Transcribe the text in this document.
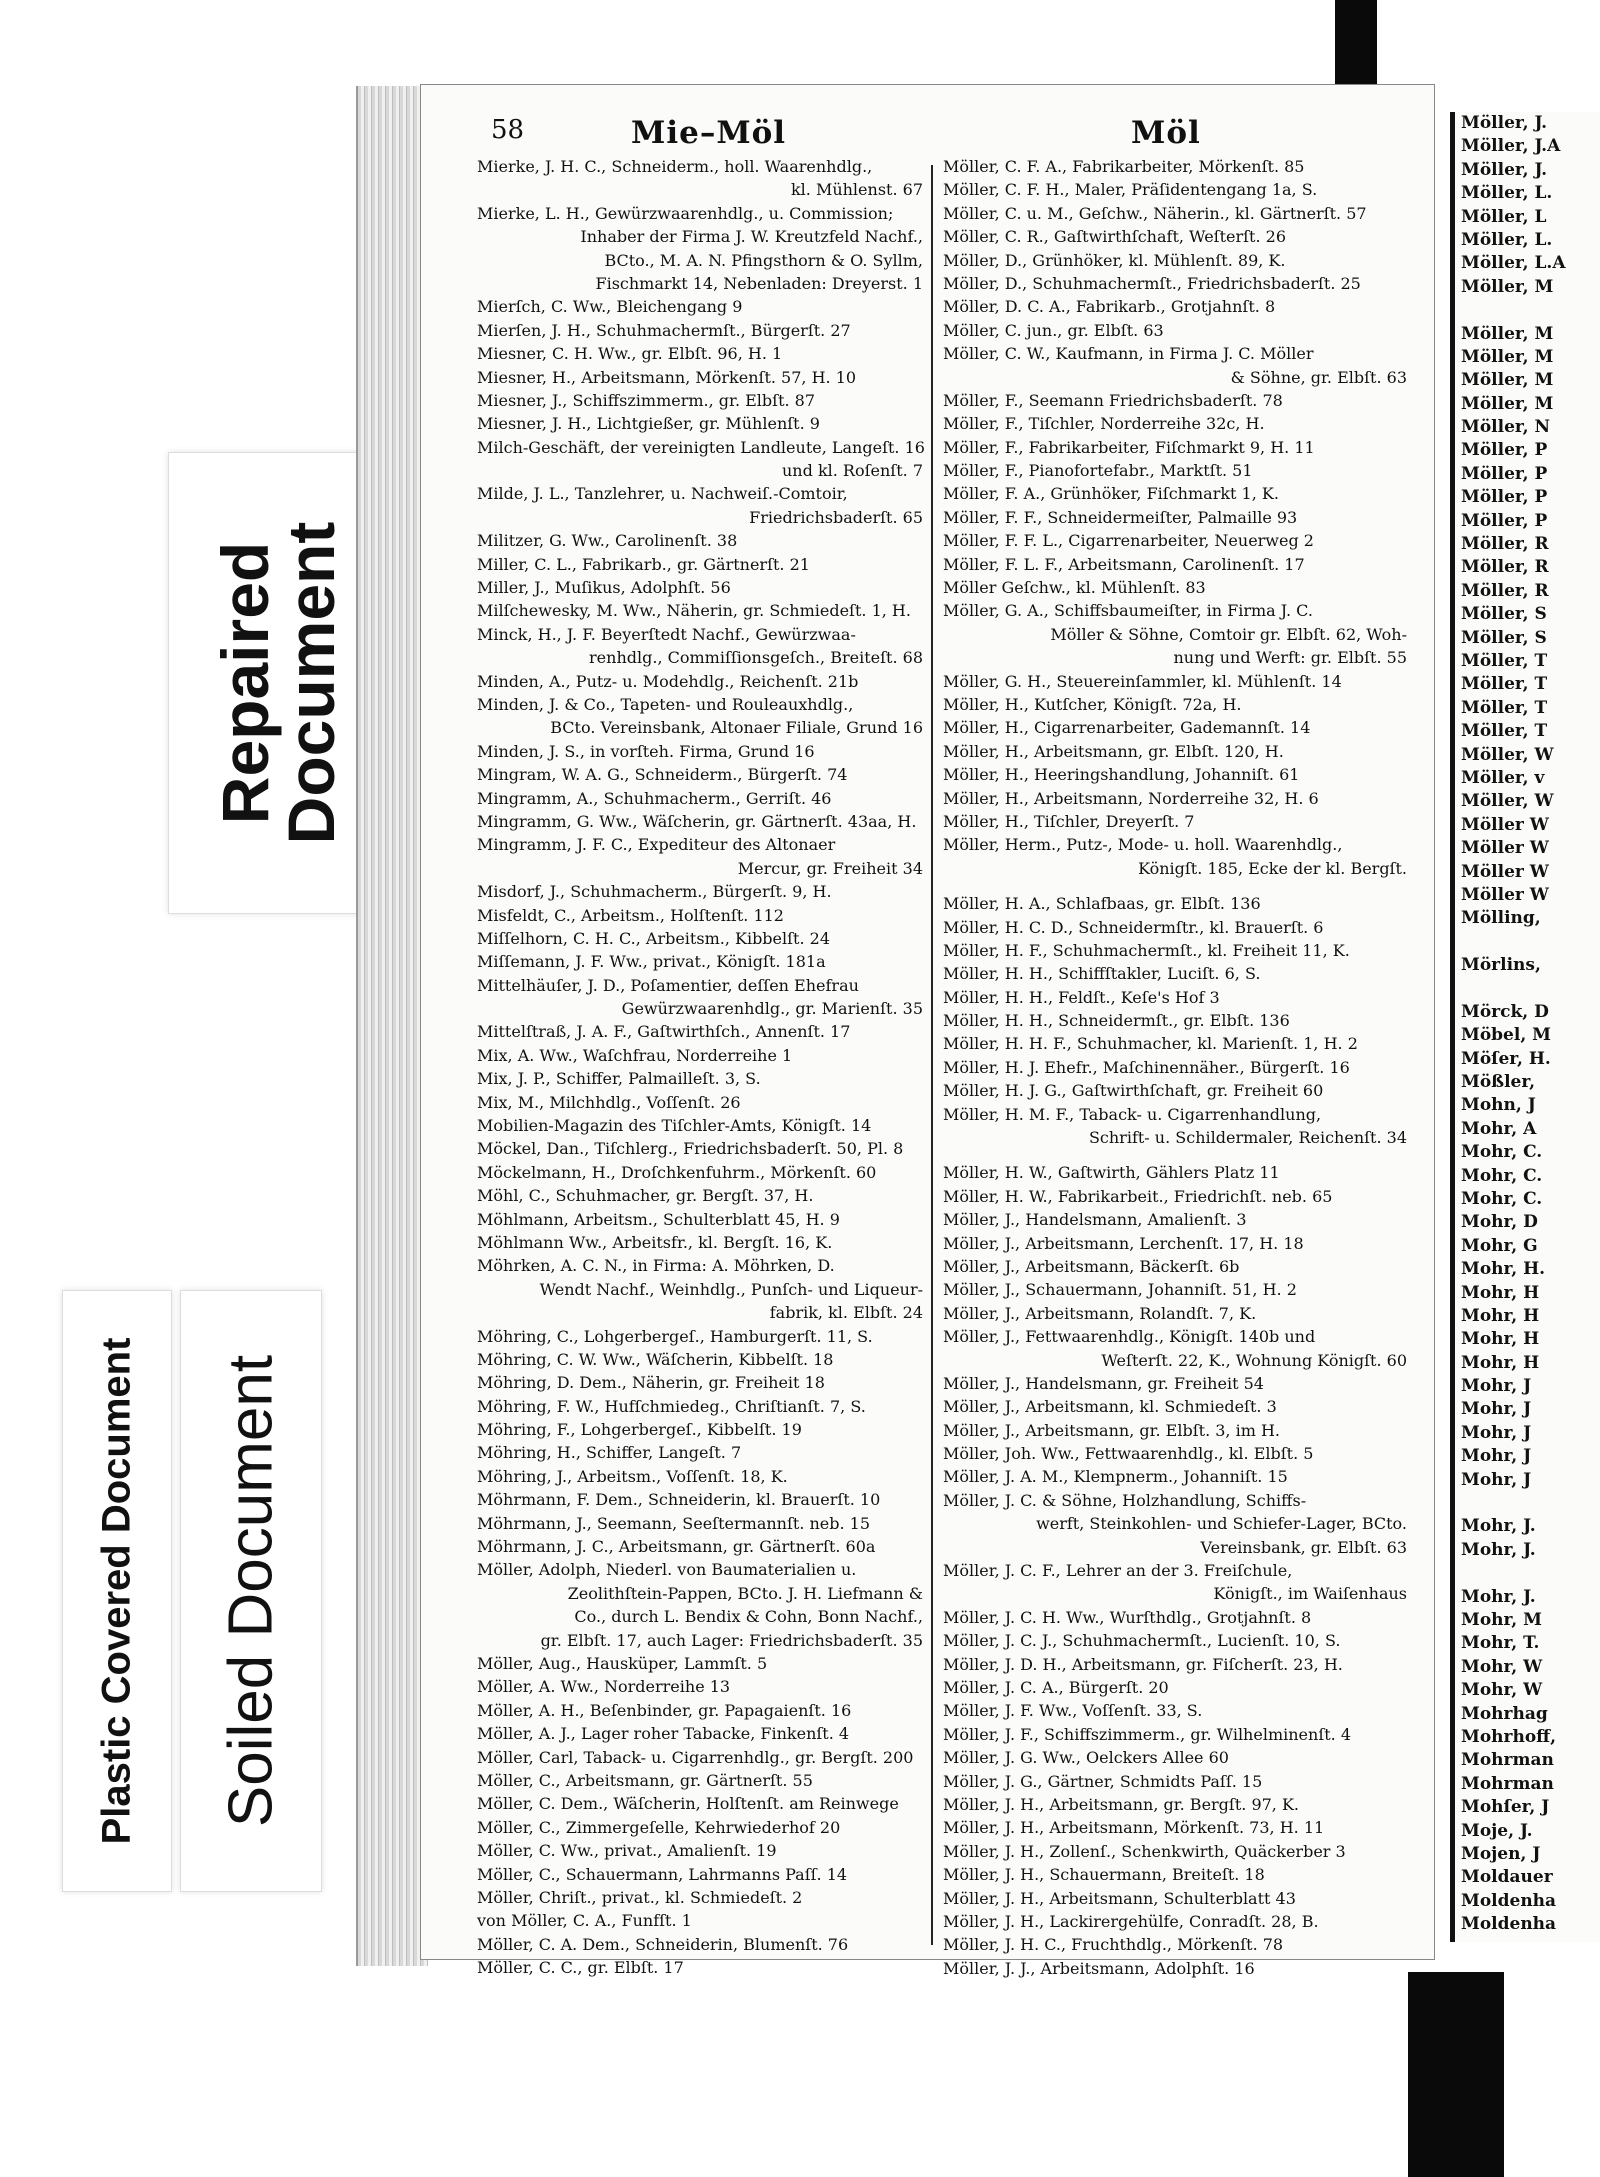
Repaired Document
Plastic Covered Document Soiled Document
58	Mie–Möl	Möl
Mierke, J. H. C., Schneiderm., holl. Waarenhdlg.,
kl. Mühlenst. 67
Mierke, L. H., Gewürzwaarenhdlg., u. Commission;
Inhaber der Firma J. W. Kreutzfeld Nachf.,
BCto., M. A. N. Pfingsthorn & O. Syllm,
Fischmarkt 14, Nebenladen: Dreyerst. 1
Mierſch, C. Ww., Bleichengang 9
Mierſen, J. H., Schuhmachermſt., Bürgerſt. 27
Miesner, C. H. Ww., gr. Elbſt. 96, H. 1
Miesner, H., Arbeitsmann, Mörkenſt. 57, H. 10
Miesner, J., Schiffszimmerm., gr. Elbſt. 87
Miesner, J. H., Lichtgießer, gr. Mühlenſt. 9
Milch-Geschäft, der vereinigten Landleute, Langeſt. 16
und kl. Roſenſt. 7
Milde, J. L., Tanzlehrer, u. Nachweiſ.-Comtoir,
Friedrichsbaderſt. 65
Militzer, G. Ww., Carolinenſt. 38
Miller, C. L., Fabrikarb., gr. Gärtnerſt. 21
Miller, J., Muſikus, Adolphſt. 56
Milſchewesky, M. Ww., Näherin, gr. Schmiedeſt. 1, H.
Minck, H., J. F. Beyerſtedt Nachf., Gewürzwaa-
renhdlg., Commiſſionsgeſch., Breiteſt. 68
Minden, A., Putz- u. Modehdlg., Reichenſt. 21b
Minden, J. & Co., Tapeten- und Rouleauxhdlg.,
BCto. Vereinsbank, Altonaer Filiale, Grund 16
Minden, J. S., in vorſteh. Firma, Grund 16
Mingram, W. A. G., Schneiderm., Bürgerſt. 74
Mingramm, A., Schuhmacherm., Gerriſt. 46
Mingramm, G. Ww., Wäſcherin, gr. Gärtnerſt. 43aa, H.
Mingramm, J. F. C., Expediteur des Altonaer
Mercur, gr. Freiheit 34
Misdorf, J., Schuhmacherm., Bürgerſt. 9, H.
Misfeldt, C., Arbeitsm., Holſtenſt. 112
Miſſelhorn, C. H. C., Arbeitsm., Kibbelſt. 24
Miſſemann, J. F. Ww., privat., Königſt. 181a
Mittelhäuſer, J. D., Poſamentier, deſſen Ehefrau
Gewürzwaarenhdlg., gr. Marienſt. 35
Mittelſtraß, J. A. F., Gaſtwirthſch., Annenſt. 17
Mix, A. Ww., Waſchfrau, Norderreihe 1
Mix, J. P., Schiffer, Palmailleſt. 3, S.
Mix, M., Milchhdlg., Voſſenſt. 26
Mobilien-Magazin des Tiſchler-Amts, Königſt. 14
Möckel, Dan., Tiſchlerg., Friedrichsbaderſt. 50, Pl. 8
Möckelmann, H., Droſchkenfuhrm., Mörkenſt. 60
Möhl, C., Schuhmacher, gr. Bergſt. 37, H.
Möhlmann, Arbeitsm., Schulterblatt 45, H. 9
Möhlmann Ww., Arbeitsfr., kl. Bergſt. 16, K.
Möhrken, A. C. N., in Firma: A. Möhrken, D.
Wendt Nachf., Weinhdlg., Punſch- und Liqueur-
fabrik, kl. Elbſt. 24
Möhring, C., Lohgerbergeſ., Hamburgerſt. 11, S.
Möhring, C. W. Ww., Wäſcherin, Kibbelſt. 18
Möhring, D. Dem., Näherin, gr. Freiheit 18
Möhring, F. W., Hufſchmiedeg., Chriſtianſt. 7, S.
Möhring, F., Lohgerbergeſ., Kibbelſt. 19
Möhring, H., Schiffer, Langeſt. 7
Möhring, J., Arbeitsm., Voſſenſt. 18, K.
Möhrmann, F. Dem., Schneiderin, kl. Brauerſt. 10
Möhrmann, J., Seemann, Seeſtermannſt. neb. 15
Möhrmann, J. C., Arbeitsmann, gr. Gärtnerſt. 60a
Möller, Adolph, Niederl. von Baumaterialien u.
Zeolithſtein-Pappen, BCto. J. H. Liefmann &
Co., durch L. Bendix & Cohn, Bonn Nachf.,
gr. Elbſt. 17, auch Lager: Friedrichsbaderſt. 35
Möller, Aug., Hausküper, Lammſt. 5
Möller, A. Ww., Norderreihe 13
Möller, A. H., Beſenbinder, gr. Papagaienſt. 16
Möller, A. J., Lager roher Tabacke, Finkenſt. 4
Möller, Carl, Taback- u. Cigarrenhdlg., gr. Bergſt. 200
Möller, C., Arbeitsmann, gr. Gärtnerſt. 55
Möller, C. Dem., Wäſcherin, Holſtenſt. am Reinwege
Möller, C., Zimmergeſelle, Kehrwiederhof 20
Möller, C. Ww., privat., Amalienſt. 19
Möller, C., Schauermann, Lahrmanns Paſſ. 14
Möller, Chriſt., privat., kl. Schmiedeſt. 2
von Möller, C. A., Funfſt. 1
Möller, C. A. Dem., Schneiderin, Blumenſt. 76
Möller, C. C., gr. Elbſt. 17
Möller, C. F. A., Fabrikarbeiter, Mörkenſt. 85
Möller, C. F. H., Maler, Präſidentengang 1a, S.
Möller, C. u. M., Geſchw., Näherin., kl. Gärtnerſt. 57
Möller, C. R., Gaſtwirthſchaft, Weſterſt. 26
Möller, D., Grünhöker, kl. Mühlenſt. 89, K.
Möller, D., Schuhmachermſt., Friedrichsbaderſt. 25
Möller, D. C. A., Fabrikarb., Grotjahnſt. 8
Möller, C. jun., gr. Elbſt. 63
Möller, C. W., Kaufmann, in Firma J. C. Möller
& Söhne, gr. Elbſt. 63
Möller, F., Seemann Friedrichsbaderſt. 78
Möller, F., Tiſchler, Norderreihe 32c, H.
Möller, F., Fabrikarbeiter, Fiſchmarkt 9, H. 11
Möller, F., Pianofortefabr., Marktſt. 51
Möller, F. A., Grünhöker, Fiſchmarkt 1, K.
Möller, F. F., Schneidermeiſter, Palmaille 93
Möller, F. F. L., Cigarrenarbeiter, Neuerweg 2
Möller, F. L. F., Arbeitsmann, Carolinenſt. 17
Möller Geſchw., kl. Mühlenſt. 83
Möller, G. A., Schiffsbaumeiſter, in Firma J. C.
Möller & Söhne, Comtoir gr. Elbſt. 62, Woh-
nung und Werft: gr. Elbſt. 55
Möller, G. H., Steuereinſammler, kl. Mühlenſt. 14
Möller, H., Kutſcher, Königſt. 72a, H.
Möller, H., Cigarrenarbeiter, Gademannſt. 14
Möller, H., Arbeitsmann, gr. Elbſt. 120, H.
Möller, H., Heeringshandlung, Johanniſt. 61
Möller, H., Arbeitsmann, Norderreihe 32, H. 6
Möller, H., Tiſchler, Dreyerſt. 7
Möller, Herm., Putz-, Mode- u. holl. Waarenhdlg.,
Königſt. 185, Ecke der kl. Bergſt.
Möller, H. A., Schlafbaas, gr. Elbſt. 136
Möller, H. C. D., Schneidermſtr., kl. Brauerſt. 6
Möller, H. F., Schuhmachermſt., kl. Freiheit 11, K.
Möller, H. H., Schiffſtakler, Luciſt. 6, S.
Möller, H. H., Feldſt., Keſe's Hof 3
Möller, H. H., Schneidermſt., gr. Elbſt. 136
Möller, H. H. F., Schuhmacher, kl. Marienſt. 1, H. 2
Möller, H. J. Ehefr., Maſchinennäher., Bürgerſt. 16
Möller, H. J. G., Gaſtwirthſchaft, gr. Freiheit 60
Möller, H. M. F., Taback- u. Cigarrenhandlung,
Schrift- u. Schildermaler, Reichenſt. 34
Möller, H. W., Gaſtwirth, Gählers Platz 11
Möller, H. W., Fabrikarbeit., Friedrichſt. neb. 65
Möller, J., Handelsmann, Amalienſt. 3
Möller, J., Arbeitsmann, Lerchenſt. 17, H. 18
Möller, J., Arbeitsmann, Bäckerſt. 6b
Möller, J., Schauermann, Johanniſt. 51, H. 2
Möller, J., Arbeitsmann, Rolandſt. 7, K.
Möller, J., Fettwaarenhdlg., Königſt. 140b und
Weſterſt. 22, K., Wohnung Königſt. 60
Möller, J., Handelsmann, gr. Freiheit 54
Möller, J., Arbeitsmann, kl. Schmiedeſt. 3
Möller, J., Arbeitsmann, gr. Elbſt. 3, im H.
Möller, Joh. Ww., Fettwaarenhdlg., kl. Elbſt. 5
Möller, J. A. M., Klempnerm., Johanniſt. 15
Möller, J. C. & Söhne, Holzhandlung, Schiffs-
werft, Steinkohlen- und Schiefer-Lager, BCto.
Vereinsbank, gr. Elbſt. 63
Möller, J. C. F., Lehrer an der 3. Freiſchule,
Königſt., im Waiſenhaus
Möller, J. C. H. Ww., Wurſthdlg., Grotjahnſt. 8
Möller, J. C. J., Schuhmachermſt., Lucienſt. 10, S.
Möller, J. D. H., Arbeitsmann, gr. Fiſcherſt. 23, H.
Möller, J. C. A., Bürgerſt. 20
Möller, J. F. Ww., Voſſenſt. 33, S.
Möller, J. F., Schiffszimmerm., gr. Wilhelminenſt. 4
Möller, J. G. Ww., Oelckers Allee 60
Möller, J. G., Gärtner, Schmidts Paſſ. 15
Möller, J. H., Arbeitsmann, gr. Bergſt. 97, K.
Möller, J. H., Arbeitsmann, Mörkenſt. 73, H. 11
Möller, J. H., Zollenſ., Schenkwirth, Quäckerber 3
Möller, J. H., Schauermann, Breiteſt. 18
Möller, J. H., Arbeitsmann, Schulterblatt 43
Möller, J. H., Lackirergehülfe, Conradſt. 28, B.
Möller, J. H. C., Fruchthdlg., Mörkenſt. 78
Möller, J. J., Arbeitsmann, Adolphſt. 16
Möller, J.
Möller, J.A
Möller, J.
Möller, L.
Möller, L
Möller, L.
Möller, L.A
Möller, M
Möller, M
Möller, M
Möller, M
Möller, M
Möller, N
Möller, P
Möller, P
Möller, P
Möller, P
Möller, R
Möller, R
Möller, R
Möller, S
Möller, S
Möller, T
Möller, T
Möller, T
Möller, T
Möller, W
Möller, v
Möller, W
Möller W
Möller W
Möller W
Möller W
Mölling,
Mörlins,
Mörck, D
Möbel, M
Möſer, H.
Mößler,
Mohn, J
Mohr, A
Mohr, C.
Mohr, C.
Mohr, C.
Mohr, D
Mohr, G
Mohr, H.
Mohr, H
Mohr, H
Mohr, H
Mohr, H
Mohr, J
Mohr, J
Mohr, J
Mohr, J
Mohr, J
Mohr, J.
Mohr, J.
Mohr, J.
Mohr, M
Mohr, T.
Mohr, W
Mohr, W
Mohrhag
Mohrhoff,
Mohrman
Mohrman
Mohſer, J
Moje, J.
Mojen, J
Moldauer
Moldenha
Moldenha
